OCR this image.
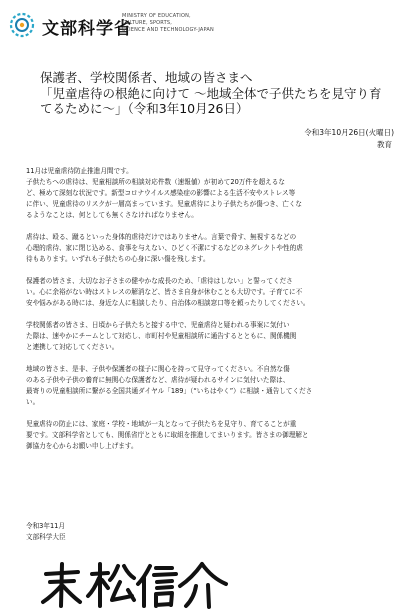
文部科学省
MINISTRY OF EDUCATION,
CULTURE, SPORTS,
SCIENCE AND TECHNOLOGY-JAPAN
保護者、学校関係者、地域の皆さまへ
「児童虐待の根絶に向けて ～地域全体で子供たちを見守り育
てるために～」（令和3年10月26日）
令和3年10月26日(火曜日)
教育
11月は児童虐待防止推進月間です。
子供たちへの虐待は、児童相談所の相談対応件数（速報値）が初めて20万件を超えるな
ど、極めて深刻な状況です。新型コロナウイルス感染症の影響による生活不安やストレス等
に伴い、児童虐待のリスクが一層高まっています。児童虐待により子供たちが傷つき、亡くな
るようなことは、何としても無くさなければなりません。
虐待は、殴る、蹴るといった身体的虐待だけではありません。言葉で脅す、無視するなどの
心理的虐待、家に閉じ込める、食事を与えない、ひどく不潔にするなどのネグレクトや性的虐
待もあります。いずれも子供たちの心身に深い傷を残します。
保護者の皆さま、大切なお子さまの健やかな成長のため、「虐待はしない」と誓ってくださ
い。心に余裕がない時はストレスの解消など、皆さま自身が休むことも大切です。子育てに不
安や悩みがある時には、身近な人に相談したり、自治体の相談窓口等を頼ったりしてください。
学校関係者の皆さま、日頃から子供たちと接する中で、児童虐待と疑われる事案に気付い
た際は、速やかにチームとして対応し、市町村や児童相談所に通告するとともに、関係機関
と連携して対応してください。
地域の皆さま、是非、子供や保護者の様子に関心を持って見守ってください。不自然な傷
のある子供や子供の養育に無関心な保護者など、虐待が疑われるサインに気付いた際は、
最寄りの児童相談所に繋がる全国共通ダイヤル「189」（“いちはやく”）に相談・通告してくださ
い。
児童虐待の防止には、家庭・学校・地域が一丸となって子供たちを見守り、育てることが重
要です。文部科学省としても、関係省庁とともに取組を推進してまいります。皆さまの御理解と
御協力を心からお願い申し上げます。
令和3年11月
文部科学大臣
